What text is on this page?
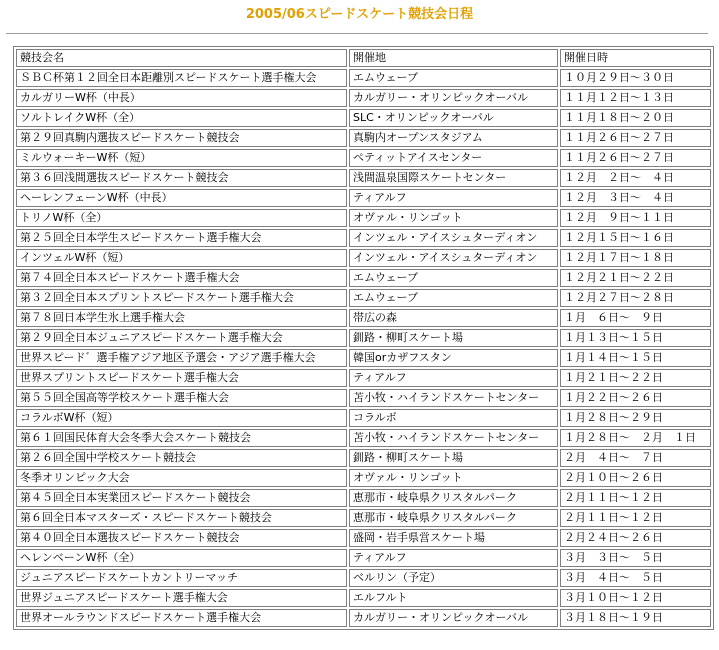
2005/06スピードスケート競技会日程
競技会名	開催地	開催日時
ＳＢＣ杯第１２回全日本距離別スピードスケート選手権大会	エムウェーブ	１０月２９日～３０日
カルガリーW杯（中長）	カルガリー・オリンピックオーバル	１１月１２日～１３日
ソルトレイクW杯（全）	SLC・オリンピックオーバル	１１月１８日～２０日
第２９回真駒内選抜スピードスケート競技会	真駒内オープンスタジアム	１１月２６日～２７日
ミルウォーキーW杯（短）	ペティットアイスセンター	１１月２６日～２７日
第３６回浅間選抜スピードスケート競技会	浅間温泉国際スケートセンター	１２月　２日～　４日
ヘーレンフェーンW杯（中長）	ティアルフ	１２月　３日～　４日
トリノW杯（全）	オヴァル・リンゴット	１２月　９日～１１日
第２５回全日本学生スピードスケート選手権大会	インツェル・アイスシュターディオン	１２月１５日～１６日
インツェルW杯（短）	インツェル・アイスシュターディオン	１２月１７日～１８日
第７４回全日本スピードスケート選手権大会	エムウェーブ	１２月２１日～２２日
第３２回全日本スプリントスピードスケート選手権大会	エムウェーブ	１２月２７日～２８日
第７８回日本学生氷上選手権大会	帯広の森	１月　６日～　９日
第２９回全日本ジュニアスピードスケート選手権大会	釧路・柳町スケート場	１月１３日～１５日
世界スピード゛選手権アジア地区予選会・アジア選手権大会	韓国orカザフスタン	１月１４日～１５日
世界スプリントスピードスケート選手権大会	ティアルフ	１月２１日～２２日
第５５回全国高等学校スケート選手権大会	苫小牧・ハイランドスケートセンター	１月２２日～２６日
コラルボW杯（短）	コラルボ	１月２８日～２９日
第６１回国民体育大会冬季大会スケート競技会	苫小牧・ハイランドスケートセンター	１月２８日～　２月　１日
第２６回全国中学校スケート競技会	釧路・柳町スケート場	２月　４日～　７日
冬季オリンピック大会	オヴァル・リンゴット	２月１０日～２６日
第４５回全日本実業団スピードスケート競技会	恵那市・岐阜県クリスタルパーク	２月１１日～１２日
第６回全日本マスターズ・スピードスケート競技会	恵那市・岐阜県クリスタルパーク	２月１１日～１２日
第４０回全日本選抜スピードスケート競技会	盛岡・岩手県営スケート場	２月２４日～２６日
ヘレンベーンW杯（全）	ティアルフ	３月　３日～　５日
ジュニアスピードスケートカントリーマッチ	ベルリン（予定）	３月　４日～　５日
世界ジュニアスピードスケート選手権大会	エルフルト	３月１０日～１２日
世界オールラウンドスピードスケート選手権大会	カルガリー・オリンピックオーバル	３月１８日～１９日
